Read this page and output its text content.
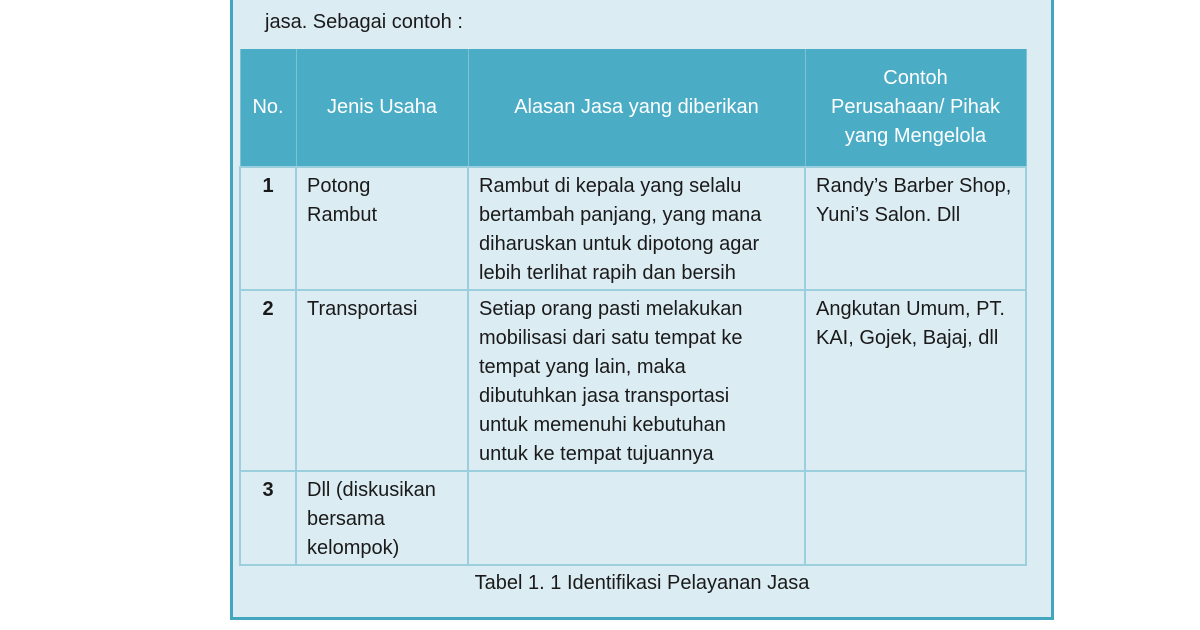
jasa. Sebagai contoh :
No.	Jenis Usaha	Alasan Jasa yang diberikan	Contoh
Perusahaan/ Pihak
yang Mengelola
1	Potong Rambut	Rambut di kepala yang selalu bertambah panjang, yang mana diharuskan untuk dipotong agar lebih terlihat rapih dan bersih	Randy’s Barber Shop, Yuni’s Salon. Dll
2	Transportasi	Setiap orang pasti melakukan mobilisasi dari satu tempat ke tempat yang lain, maka dibutuhkan jasa transportasi untuk memenuhi kebutuhan untuk ke tempat tujuannya	Angkutan Umum, PT. KAI, Gojek, Bajaj, dll
3	Dll (diskusikan bersama kelompok)		
Tabel 1. 1 Identifikasi Pelayanan Jasa
